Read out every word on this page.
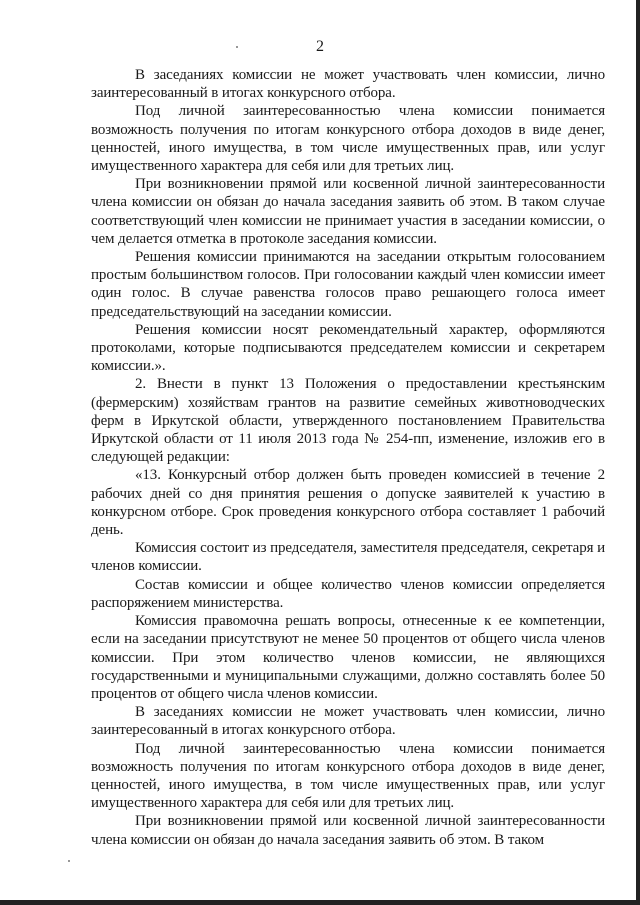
2

В заседаниях комиссии не может участвовать член комиссии, лично заинтересованный в итогах конкурсного отбора.

Под личной заинтересованностью члена комиссии понимается возможность получения по итогам конкурсного отбора доходов в виде денег, ценностей, иного имущества, в том числе имущественных прав, или услуг имущественного характера для себя или для третьих лиц.

При возникновении прямой или косвенной личной заинтересованности члена комиссии он обязан до начала заседания заявить об этом. В таком случае соответствующий член комиссии не принимает участия в заседании комиссии, о чем делается отметка в протоколе заседания комиссии.

Решения комиссии принимаются на заседании открытым голосованием простым большинством голосов. При голосовании каждый член комиссии имеет один голос. В случае равенства голосов право решающего голоса имеет председательствующий на заседании комиссии.

Решения комиссии носят рекомендательный характер, оформляются протоколами, которые подписываются председателем комиссии и секретарем комиссии.».

2. Внести в пункт 13 Положения о предоставлении крестьянским (фермерским) хозяйствам грантов на развитие семейных животноводческих ферм в Иркутской области, утвержденного постановлением Правительства Иркутской области от 11 июля 2013 года № 254-пп, изменение, изложив его в следующей редакции:

«13. Конкурсный отбор должен быть проведен комиссией в течение 2 рабочих дней со дня принятия решения о допуске заявителей к участию в конкурсном отборе. Срок проведения конкурсного отбора составляет 1 рабочий день.

Комиссия состоит из председателя, заместителя председателя, секретаря и членов комиссии.

Состав комиссии и общее количество членов комиссии определяется распоряжением министерства.

Комиссия правомочна решать вопросы, отнесенные к ее компетенции, если на заседании присутствуют не менее 50 процентов от общего числа членов комиссии. При этом количество членов комиссии, не являющихся государственными и муниципальными служащими, должно составлять более 50 процентов от общего числа членов комиссии.

В заседаниях комиссии не может участвовать член комиссии, лично заинтересованный в итогах конкурсного отбора.

Под личной заинтересованностью члена комиссии понимается возможность получения по итогам конкурсного отбора доходов в виде денег, ценностей, иного имущества, в том числе имущественных прав, или услуг имущественного характера для себя или для третьих лиц.

При возникновении прямой или косвенной личной заинтересованности члена комиссии он обязан до начала заседания заявить об этом. В таком
